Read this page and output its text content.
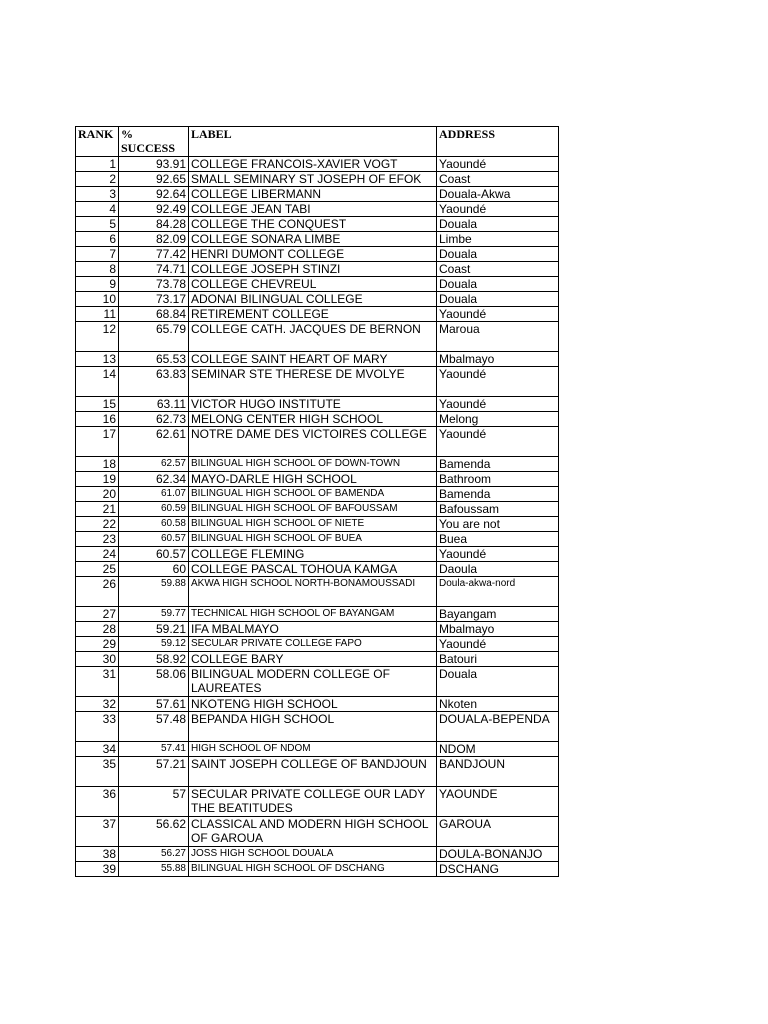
RANK	% SUCCESS	LABEL	ADDRESS
1	93.91	COLLEGE FRANCOIS-XAVIER VOGT	Yaoundé
2	92.65	SMALL SEMINARY ST JOSEPH OF EFOK	Coast
3	92.64	COLLEGE LIBERMANN	Douala-Akwa
4	92.49	COLLEGE JEAN TABI	Yaoundé
5	84.28	COLLEGE THE CONQUEST	Douala
6	82.09	COLLEGE SONARA LIMBE	Limbe
7	77.42	HENRI DUMONT COLLEGE	Douala
8	74.71	COLLEGE JOSEPH STINZI	Coast
9	73.78	COLLEGE CHEVREUL	Douala
10	73.17	ADONAI BILINGUAL COLLEGE	Douala
11	68.84	RETIREMENT COLLEGE	Yaoundé
12	65.79	COLLEGE CATH. JACQUES DE BERNON	Maroua
13	65.53	COLLEGE SAINT HEART OF MARY	Mbalmayo
14	63.83	SEMINAR STE THERESE DE MVOLYE	Yaoundé
15	63.11	VICTOR HUGO INSTITUTE	Yaoundé
16	62.73	MELONG CENTER HIGH SCHOOL	Melong
17	62.61	NOTRE DAME DES VICTOIRES COLLEGE	Yaoundé
18	62.57	BILINGUAL HIGH SCHOOL OF DOWN-TOWN	Bamenda
19	62.34	MAYO-DARLE HIGH SCHOOL	Bathroom
20	61.07	BILINGUAL HIGH SCHOOL OF BAMENDA	Bamenda
21	60.59	BILINGUAL HIGH SCHOOL OF BAFOUSSAM	Bafoussam
22	60.58	BILINGUAL HIGH SCHOOL OF NIETE	You are not
23	60.57	BILINGUAL HIGH SCHOOL OF BUEA	Buea
24	60.57	COLLEGE FLEMING	Yaoundé
25	60	COLLEGE PASCAL TOHOUA KAMGA	Daoula
26	59.88	AKWA HIGH SCHOOL NORTH-BONAMOUSSADI	Doula-akwa-nord
27	59.77	TECHNICAL HIGH SCHOOL OF BAYANGAM	Bayangam
28	59.21	IFA MBALMAYO	Mbalmayo
29	59.12	SECULAR PRIVATE COLLEGE FAPO	Yaoundé
30	58.92	COLLEGE BARY	Batouri
31	58.06	BILINGUAL MODERN COLLEGE OF LAUREATES	Douala
32	57.61	NKOTENG HIGH SCHOOL	Nkoten
33	57.48	BEPANDA HIGH SCHOOL	DOUALA-BEPENDA
34	57.41	HIGH SCHOOL OF NDOM	NDOM
35	57.21	SAINT JOSEPH COLLEGE OF BANDJOUN	BANDJOUN
36	57	SECULAR PRIVATE COLLEGE OUR LADY THE BEATITUDES	YAOUNDE
37	56.62	CLASSICAL AND MODERN HIGH SCHOOL OF GAROUA	GAROUA
38	56.27	JOSS HIGH SCHOOL DOUALA	DOULA-BONANJO
39	55.88	BILINGUAL HIGH SCHOOL OF DSCHANG	DSCHANG
